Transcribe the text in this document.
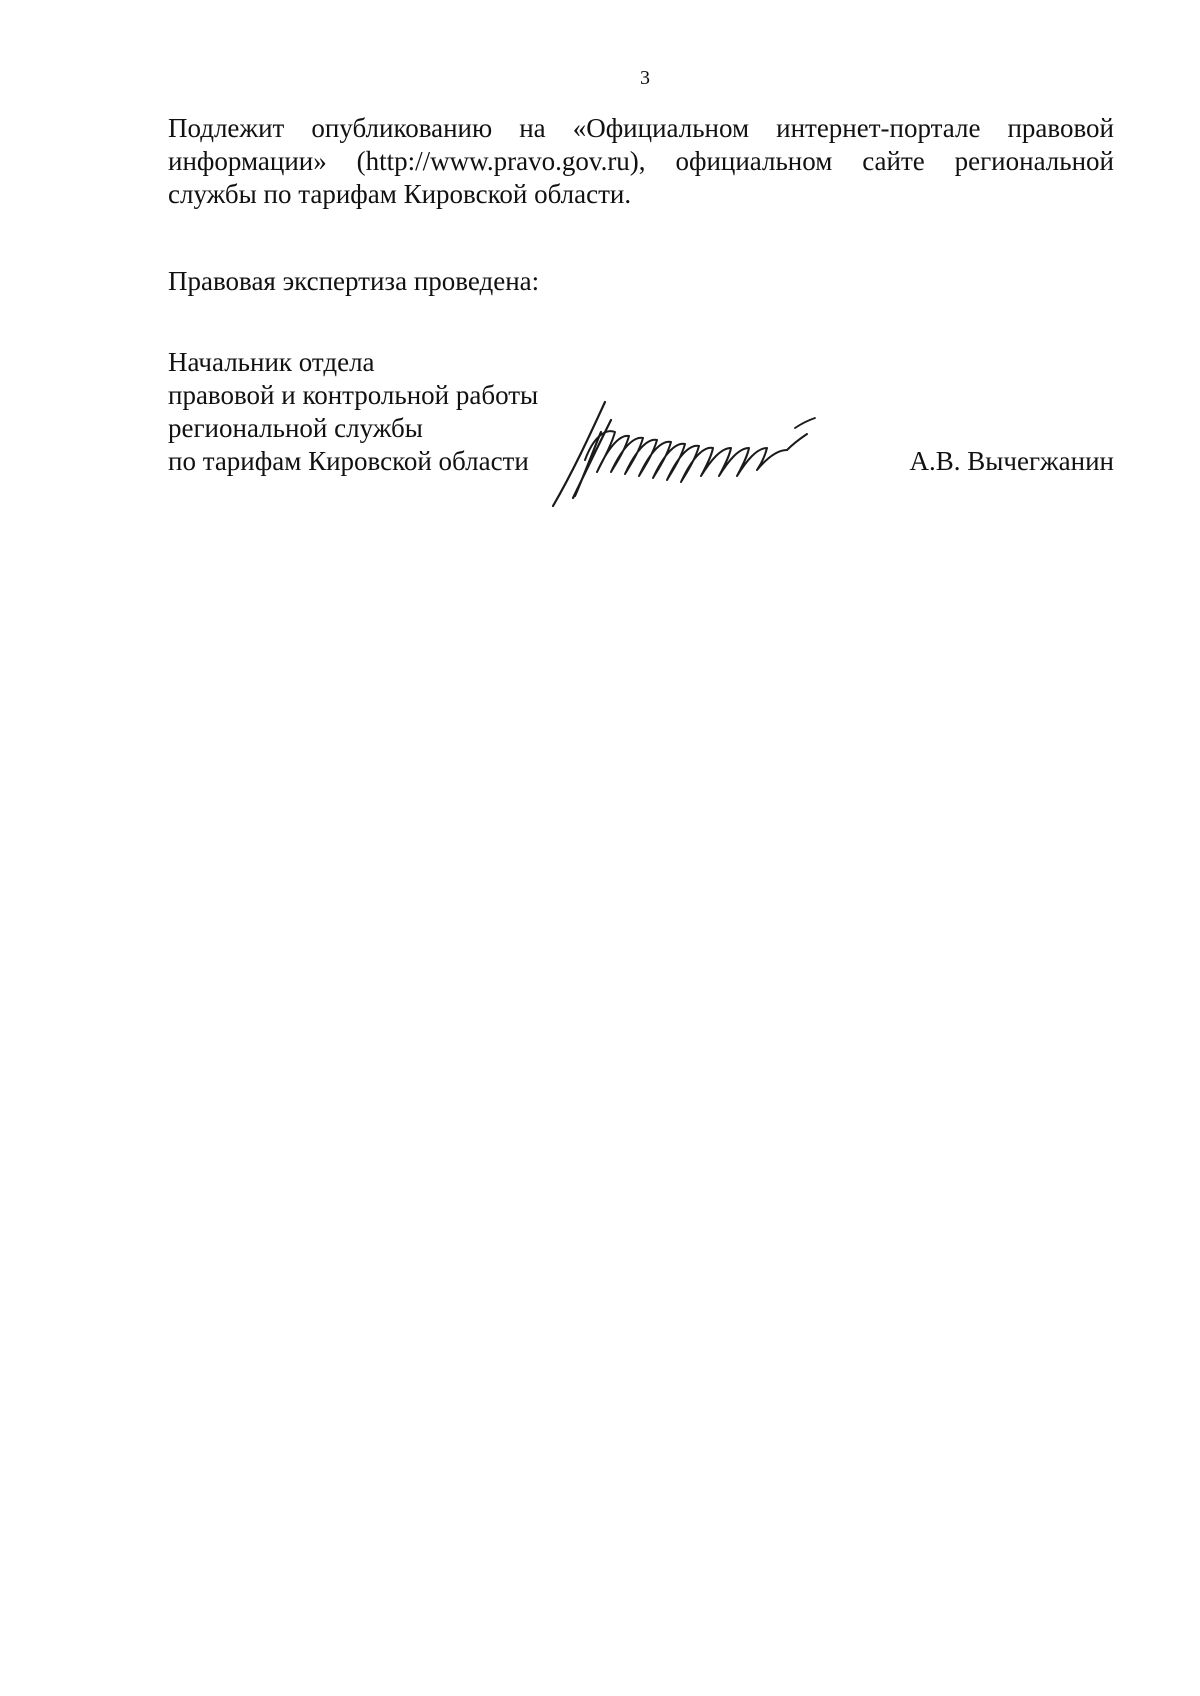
3

Подлежит опубликованию на «Официальном интернет-портале правовой информации» (http://www.pravo.gov.ru), официальном сайте региональной службы по тарифам Кировской области.

Правовая экспертиза проведена:

Начальник отдела
правовой и контрольной работы
региональной службы
по тарифам Кировской области	А.В. Вычегжанин
